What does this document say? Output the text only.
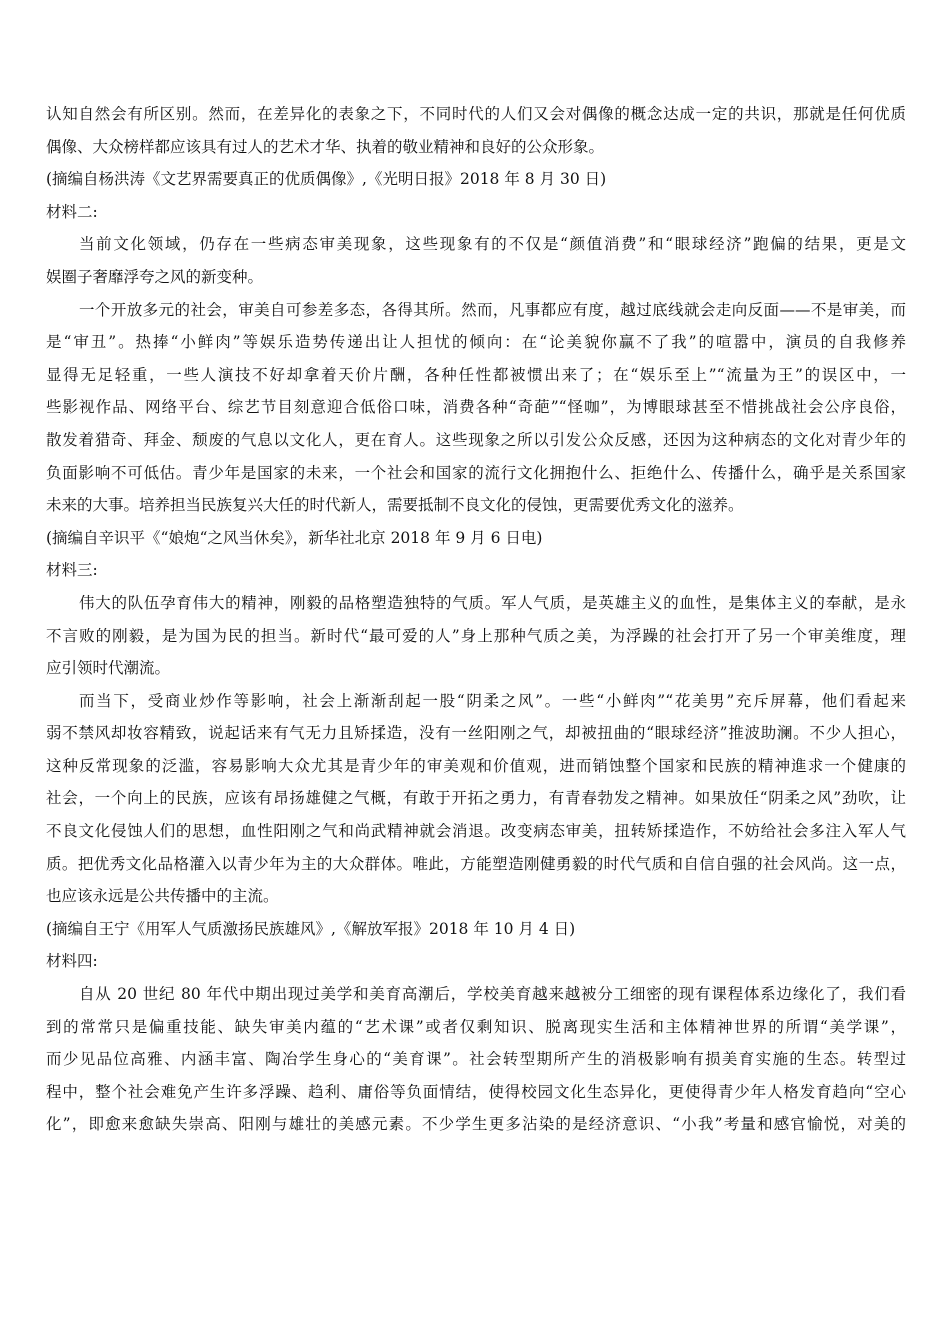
认知自然会有所区别。然而，在差异化的表象之下，不同时代的人们又会对偶像的概念达成一定的共识，那就是任何优质
偶像、大众榜样都应该具有过人的艺术才华、执着的敬业精神和良好的公众形象。
(摘编自杨洪涛《文艺界需要真正的优质偶像》,《光明日报》2018 年 8 月 30 日)
材料二:
当前文化领域，仍存在一些病态审美现象，这些现象有的不仅是“颜值消费”和“眼球经济”跑偏的结果，更是文
娱圈子奢靡浮夸之风的新变种。
一个开放多元的社会，审美自可参差多态，各得其所。然而，凡事都应有度，越过底线就会走向反面——不是审美，而
是“审丑”。热捧“小鲜肉”等娱乐造势传递出让人担忧的倾向：在“论美貌你赢不了我”的喧嚣中，演员的自我修养
显得无足轻重，一些人演技不好却拿着天价片酬，各种任性都被惯出来了；在“娱乐至上”“流量为王”的误区中，一
些影视作品、网络平台、综艺节目刻意迎合低俗口味，消费各种“奇葩”“怪咖”，为博眼球甚至不惜挑战社会公序良俗，
散发着猎奇、拜金、颓废的气息以文化人，更在育人。这些现象之所以引发公众反感，还因为这种病态的文化对青少年的
负面影响不可低估。青少年是国家的未来，一个社会和国家的流行文化拥抱什么、拒绝什么、传播什么，确乎是关系国家
未来的大事。培养担当民族复兴大任的时代新人，需要抵制不良文化的侵蚀，更需要优秀文化的滋养。
(摘编自辛识平《“娘炮“之风当休矣》，新华社北京 2018 年 9 月 6 日电)
材料三:
伟大的队伍孕育伟大的精神，刚毅的品格塑造独特的气质。军人气质，是英雄主义的血性，是集体主义的奉献，是永
不言败的刚毅，是为国为民的担当。新时代“最可爱的人”身上那种气质之美，为浮躁的社会打开了另一个审美维度，理
应引领时代潮流。
而当下，受商业炒作等影响，社会上渐渐刮起一股“阴柔之风”。一些“小鲜肉”“花美男”充斥屏幕，他们看起来
弱不禁风却妆容精致，说起话来有气无力且矫揉造，没有一丝阳刚之气，却被扭曲的“眼球经济”推波助澜。不少人担心，
这种反常现象的泛滥，容易影响大众尤其是青少年的审美观和价值观，进而销蚀整个国家和民族的精神進求一个健康的
社会，一个向上的民族，应该有昂扬雄健之气概，有敢于开拓之勇力，有青春勃发之精神。如果放任“阴柔之风”劲吹，让
不良文化侵蚀人们的思想，血性阳刚之气和尚武精神就会消退。改变病态审美，扭转矫揉造作，不妨给社会多注入军人气
质。把优秀文化品格灌入以青少年为主的大众群体。唯此，方能塑造刚健勇毅的时代气质和自信自强的社会风尚。这一点，
也应该永远是公共传播中的主流。
(摘编自王宁《用军人气质激扬民族雄风》,《解放军报》2018 年 10 月 4 日)
材料四:
自从 20 世纪 80 年代中期出现过美学和美育高潮后，学校美育越来越被分工细密的现有课程体系边缘化了，我们看
到的常常只是偏重技能、缺失审美内蕴的“艺术课”或者仅剩知识、脱离现实生活和主体精神世界的所谓“美学课”，
而少见品位高雅、内涵丰富、陶冶学生身心的“美育课”。社会转型期所产生的消极影响有损美育实施的生态。转型过
程中，整个社会难免产生许多浮躁、趋利、庸俗等负面情结，使得校园文化生态异化，更使得青少年人格发育趋向“空心
化”，即愈来愈缺失崇高、阳刚与雄壮的美感元素。不少学生更多沾染的是经济意识、“小我”考量和感官愉悦，对美的
